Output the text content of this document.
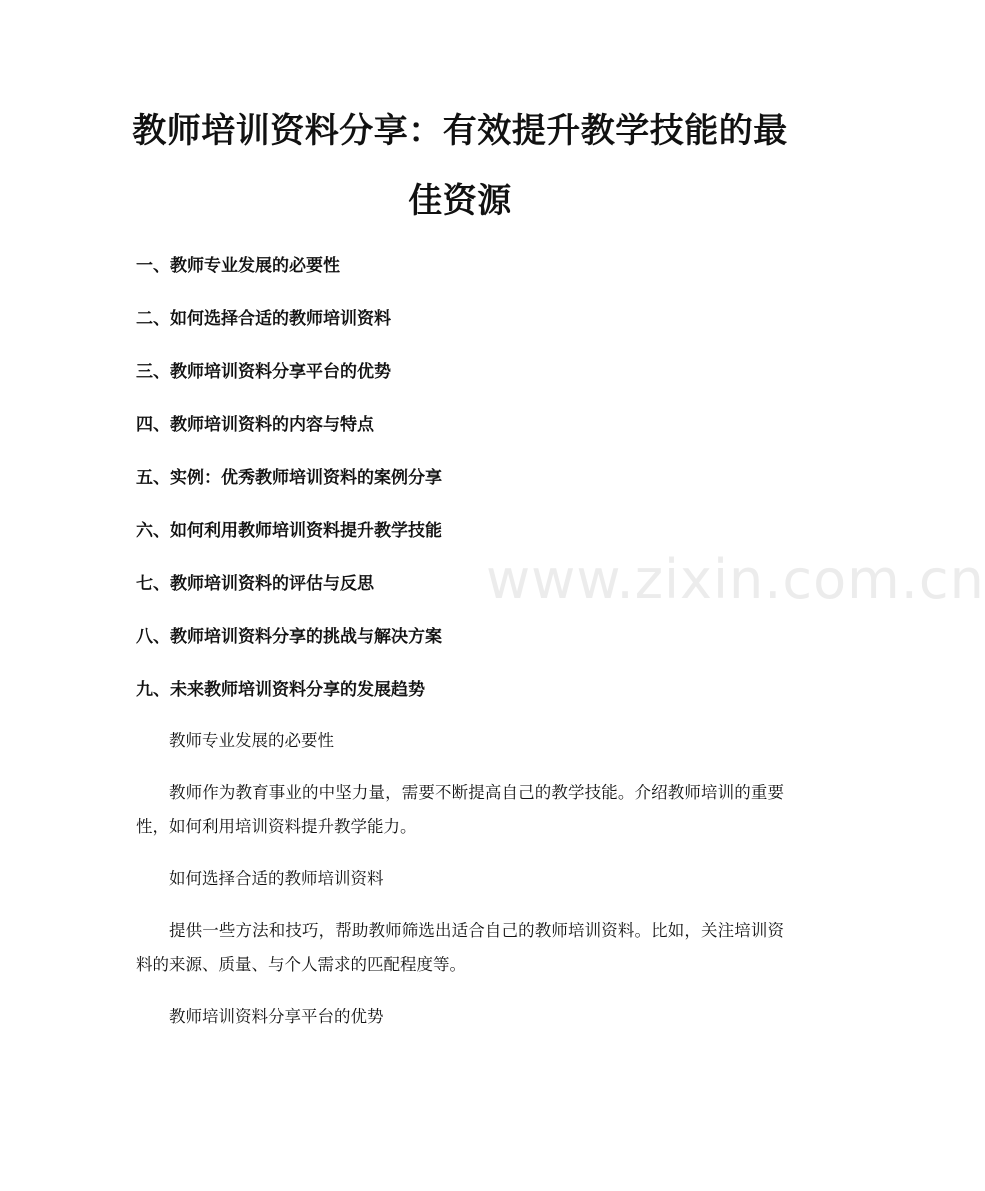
教师培训资料分享：有效提升教学技能的最佳资源
一、教师专业发展的必要性
二、如何选择合适的教师培训资料
三、教师培训资料分享平台的优势
四、教师培训资料的内容与特点
五、实例：优秀教师培训资料的案例分享
六、如何利用教师培训资料提升教学技能
七、教师培训资料的评估与反思
八、教师培训资料分享的挑战与解决方案
九、未来教师培训资料分享的发展趋势

教师专业发展的必要性

教师作为教育事业的中坚力量，需要不断提高自己的教学技能。介绍教师培训的重要性，如何利用培训资料提升教学能力。

如何选择合适的教师培训资料

提供一些方法和技巧，帮助教师筛选出适合自己的教师培训资料。比如，关注培训资料的来源、质量、与个人需求的匹配程度等。

教师培训资料分享平台的优势

www.zixin.com.cn
